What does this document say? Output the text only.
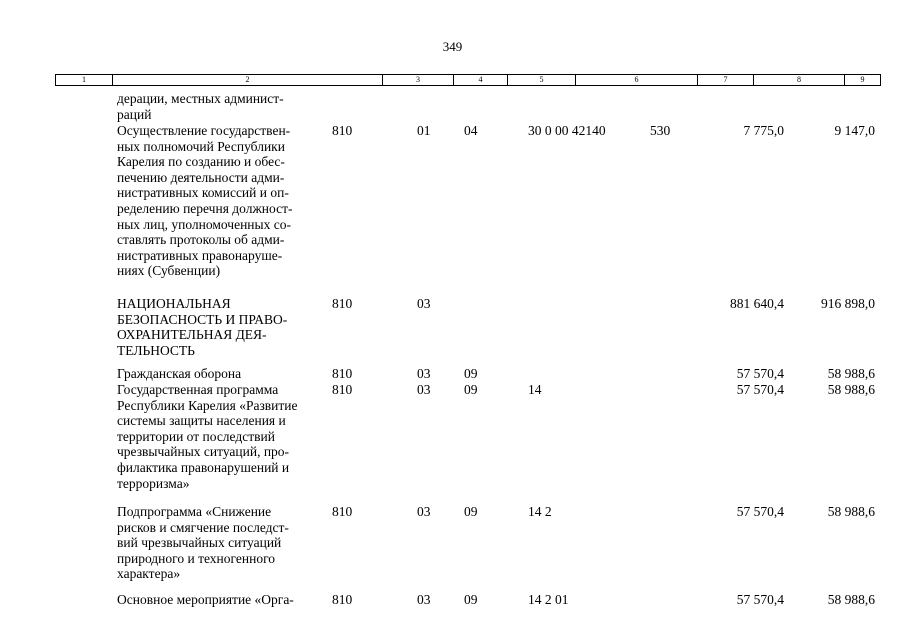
349
1	2	3	4	5	6	7	8	9
дерации, местных админист-
раций
Осуществление государствен-
ных полномочий Республики
Карелия по созданию и обес-
печению деятельности адми-
нистративных комиссий и оп-
ределению перечня должност-
ных лиц, уполномоченных со-
ставлять протоколы об адми-
нистративных правонаруше-
ниях (Субвенции)
810	01 04	30 0 00 42140	530	7 775,0	9 147,0
НАЦИОНАЛЬНАЯ
БЕЗОПАСНОСТЬ И ПРАВО-
ОХРАНИТЕЛЬНАЯ ДЕЯ-
ТЕЛЬНОСТЬ
810	03	881 640,4	916 898,0
Гражданская оборона	810	03 09	57 570,4	58 988,6
Государственная программа
Республики Карелия «Развитие
системы защиты населения и
территории от последствий
чрезвычайных ситуаций, про-
филактика правонарушений и
терроризма»
810	03 09	14	57 570,4	58 988,6
Подпрограмма «Снижение
рисков и смягчение последст-
вий чрезвычайных ситуаций
природного и техногенного
характера»
810	03 09	14 2	57 570,4	58 988,6
Основное мероприятие «Орга-	810	03 09	14 2 01	57 570,4	58 988,6
